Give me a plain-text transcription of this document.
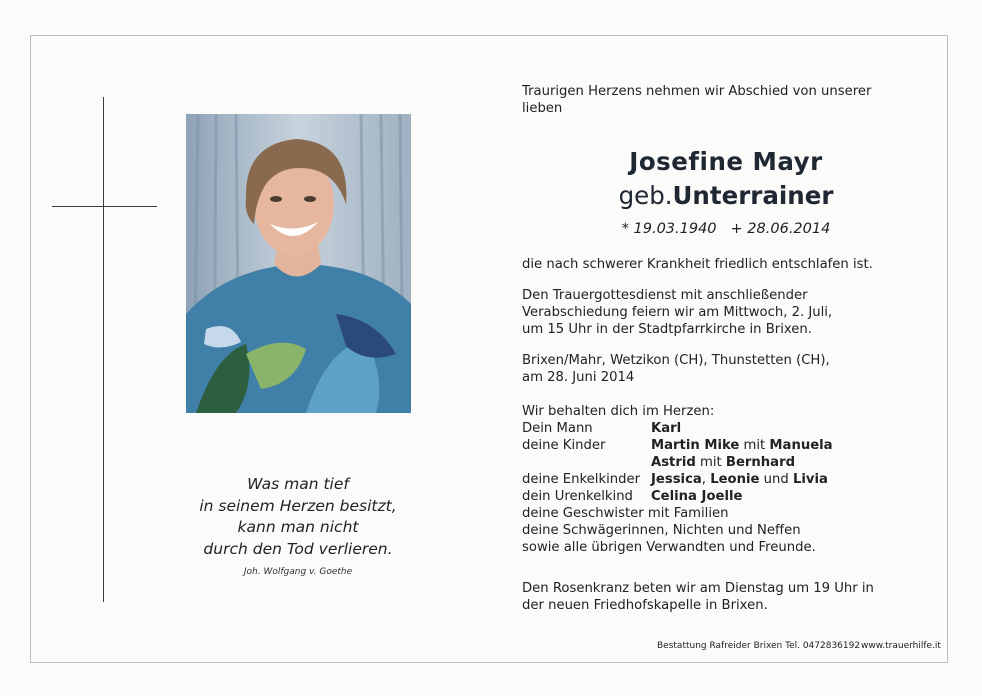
Was man tief
in seinem Herzen besitzt,
kann man nicht
durch den Tod verlieren.
Joh. Wolfgang v. Goethe
Traurigen Herzens nehmen wir Abschied von unserer
lieben
Josefine Mayr
geb.Unterrainer
* 19.03.1940 + 28.06.2014
die nach schwerer Krankheit friedlich entschlafen ist.
Den Trauergottesdienst mit anschließender
Verabschiedung feiern wir am Mittwoch, 2. Juli,
um 15 Uhr in der Stadtpfarrkirche in Brixen.
Brixen/Mahr, Wetzikon (CH), Thunstetten (CH),
am 28. Juni 2014
Wir behalten dich im Herzen:
Dein Mann	Karl
deine Kinder	Martin Mike mit Manuela
Astrid mit Bernhard
deine Enkelkinder Jessica, Leonie und Livia
dein Urenkelkind Celina Joelle
deine Geschwister mit Familien
deine Schwägerinnen, Nichten und Neffen
sowie alle übrigen Verwandten und Freunde.
Den Rosenkranz beten wir am Dienstag um 19 Uhr in
der neuen Friedhofskapelle in Brixen.
Bestattung Rafreider Brixen Tel. 0472836192 www.trauerhilfe.it
